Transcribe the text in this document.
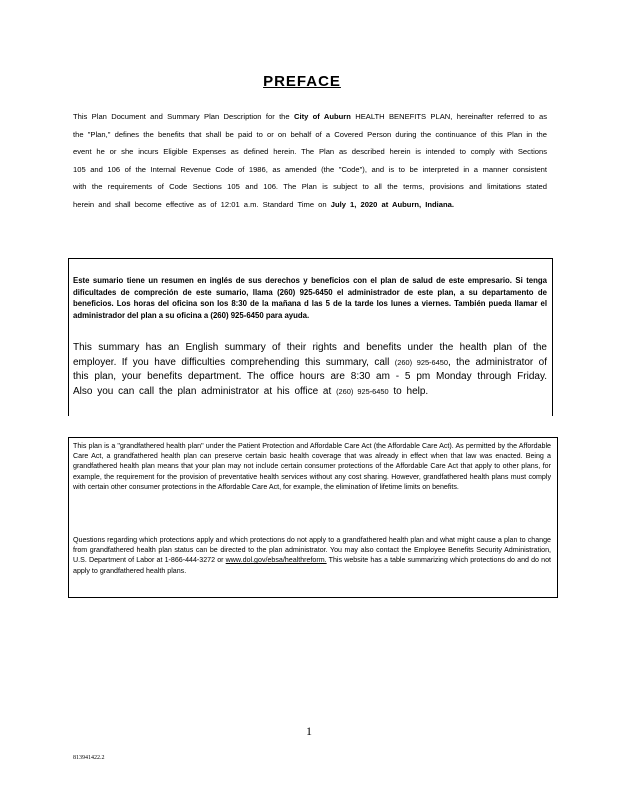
PREFACE
This Plan Document and Summary Plan Description for the City of Auburn HEALTH BENEFITS PLAN, hereinafter referred to as the "Plan," defines the benefits that shall be paid to or on behalf of a Covered Person during the continuance of this Plan in the event he or she incurs Eligible Expenses as defined herein. The Plan as described herein is intended to comply with Sections 105 and 106 of the Internal Revenue Code of 1986, as amended (the "Code"), and is to be interpreted in a manner consistent with the requirements of Code Sections 105 and 106. The Plan is subject to all the terms, provisions and limitations stated herein and shall become effective as of 12:01 a.m. Standard Time on July 1, 2020 at Auburn, Indiana.
Este sumario tiene un resumen en inglés de sus derechos y beneficios con el plan de salud de este empresario. Si tenga dificultades de compreción de este sumario, llama (260) 925-6450 el administrador de este plan, a su departamento de beneficios. Los horas del oficina son los 8:30 de la mañana d las 5 de la tarde los lunes a viernes. También pueda llamar el administrador del plan a su oficina a (260) 925-6450 para ayuda.
This summary has an English summary of their rights and benefits under the health plan of the employer. If you have difficulties comprehending this summary, call (260) 925-6450, the administrator of this plan, your benefits department. The office hours are 8:30 am - 5 pm Monday through Friday. Also you can call the plan administrator at his office at (260) 925-6450 to help.
This plan is a "grandfathered health plan" under the Patient Protection and Affordable Care Act (the Affordable Care Act). As permitted by the Affordable Care Act, a grandfathered health plan can preserve certain basic health coverage that was already in effect when that law was enacted. Being a grandfathered health plan means that your plan may not include certain consumer protections of the Affordable Care Act that apply to other plans, for example, the requirement for the provision of preventative health services without any cost sharing. However, grandfathered health plans must comply with certain other consumer protections in the Affordable Care Act, for example, the elimination of lifetime limits on benefits.
Questions regarding which protections apply and which protections do not apply to a grandfathered health plan and what might cause a plan to change from grandfathered health plan status can be directed to the plan administrator. You may also contact the Employee Benefits Security Administration, U.S. Department of Labor at 1-866-444-3272 or www.dol.gov/ebsa/healthreform. This website has a table summarizing which protections do and do not apply to grandfathered health plans.
1
813941422.2
